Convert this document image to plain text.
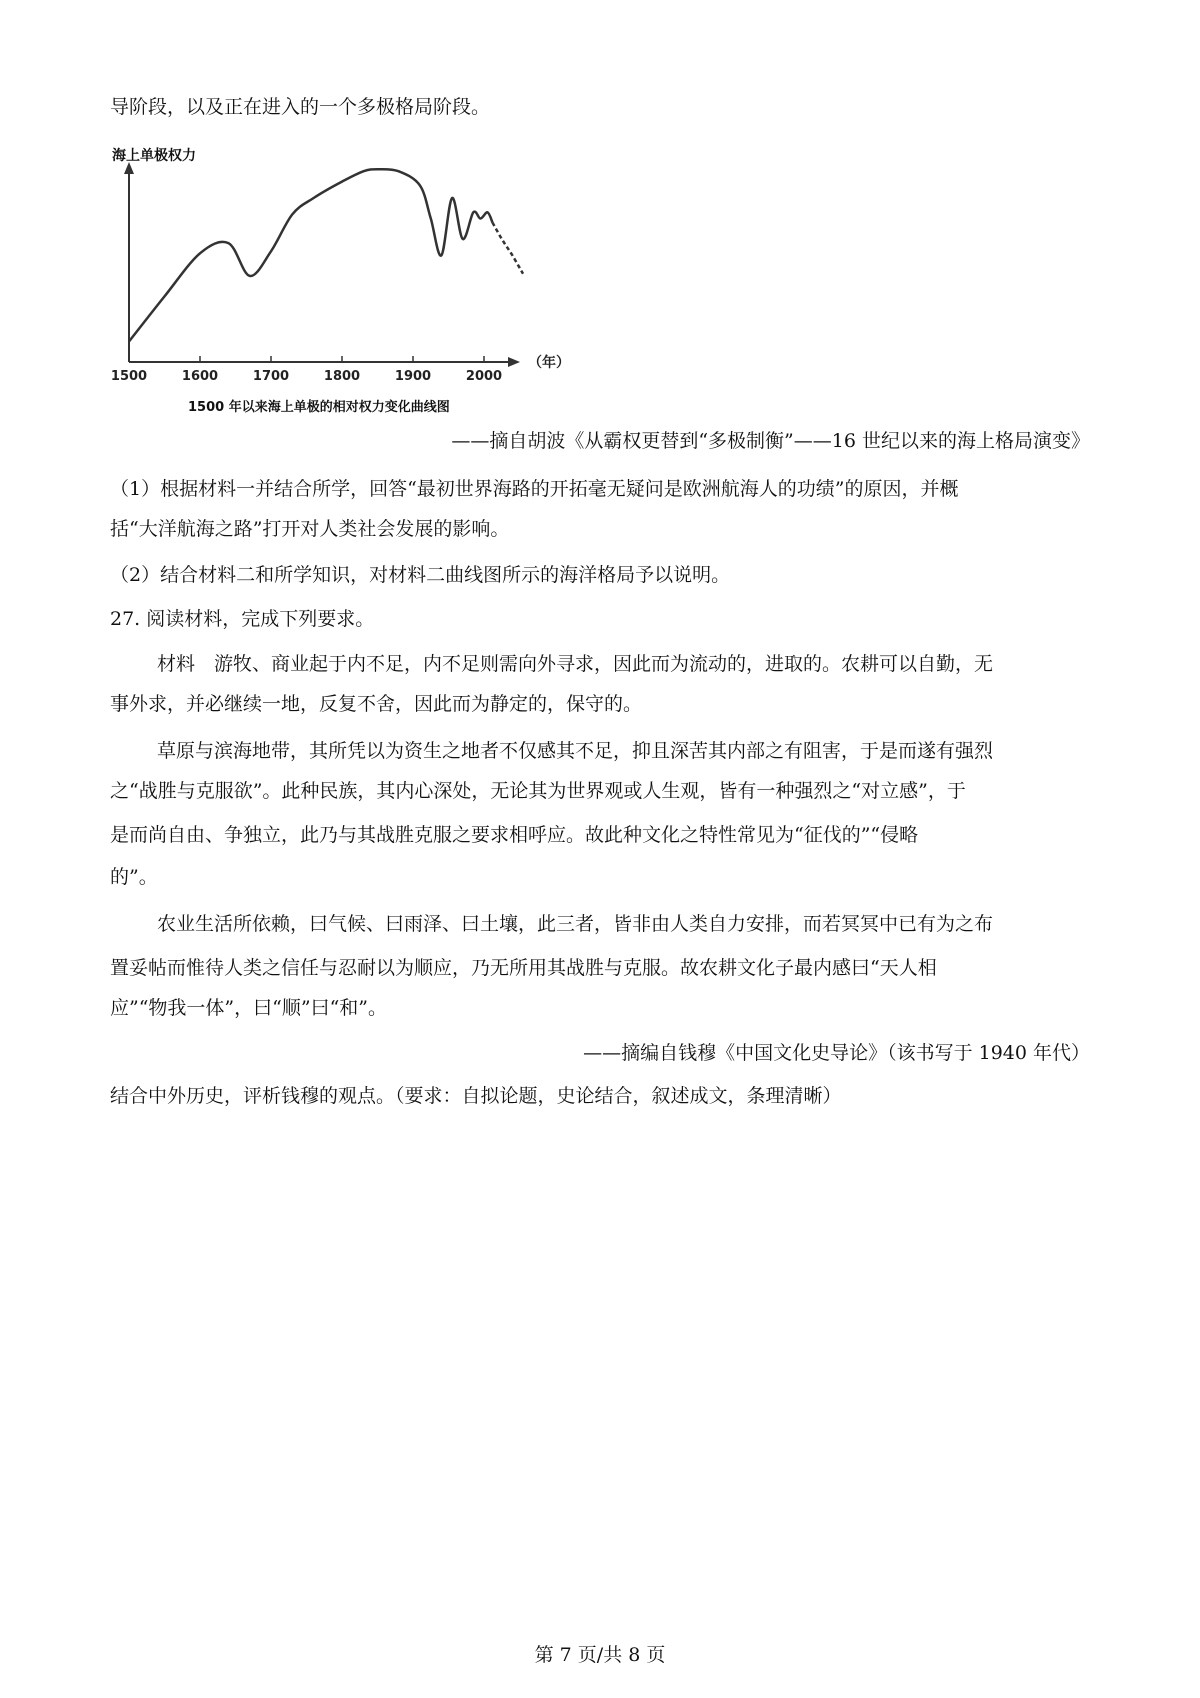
导阶段，以及正在进入的一个多极格局阶段。
1500	1600	1700	1800	1900	2000
（年）
海上单极权力
1500 年以来海上单极的相对权力变化曲线图
——摘自胡波《从霸权更替到“多极制衡”——16 世纪以来的海上格局演变》
（1）根据材料一并结合所学，回答“最初世界海路的开拓毫无疑问是欧洲航海人的功绩”的原因，并概
括“大洋航海之路”打开对人类社会发展的影响。
（2）结合材料二和所学知识，对材料二曲线图所示的海洋格局予以说明。
27. 阅读材料，完成下列要求。
材料　游牧、商业起于内不足，内不足则需向外寻求，因此而为流动的，进取的。农耕可以自勤，无
事外求，并必继续一地，反复不舍，因此而为静定的，保守的。
草原与滨海地带，其所凭以为资生之地者不仅感其不足，抑且深苦其内部之有阻害，于是而遂有强烈
之“战胜与克服欲”。此种民族，其内心深处，无论其为世界观或人生观，皆有一种强烈之“对立感”，于
是而尚自由、争独立，此乃与其战胜克服之要求相呼应。故此种文化之特性常见为“征伐的”“侵略
的”。
农业生活所依赖，曰气候、曰雨泽、曰土壤，此三者，皆非由人类自力安排，而若冥冥中已有为之布
置妥帖而惟待人类之信任与忍耐以为顺应，乃无所用其战胜与克服。故农耕文化子最内感曰“天人相
应”“物我一体”，曰“顺”曰“和”。
——摘编自钱穆《中国文化史导论》（该书写于 1940 年代）
结合中外历史，评析钱穆的观点。（要求：自拟论题，史论结合，叙述成文，条理清晰）
第 7 页/共 8 页
